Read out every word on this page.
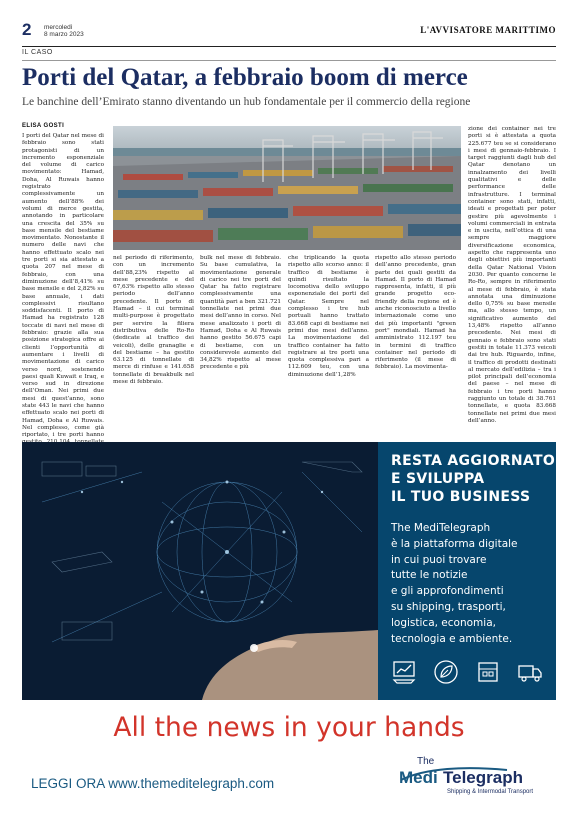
2 mercoledì
8 marzo 2023	L'AVVISATORE MARITTIMO
IL CASO
Porti del Qatar, a febbraio boom di merce

Le banchine dell’Emirato stanno diventando un hub fondamentale per il commercio della regione

ELISA GOSTI
I porti del Qatar nel mese di febbraio sono stati protagonisti di un incremento esponenziale del volume di carico movimentato: Hamad, Doha, Al Ruwais hanno registrato complessivamente un aumento dell’88% dei volumi di merce gestita, annotando in particolare una crescita del 35% su base mensile del bestiame movimentato. Nonostante il numero delle navi che hanno effettuato scalo nei tre porti si sia attestato a quota 207 nel mese di febbraio, con una diminuzione dell’8,41% su base mensile e del 2,82% su base annuale, i dati complessivi risultano soddisfacenti. Il porto di Hamad ha registrato 128 toccate di navi nel mese di febbraio: grazie alla sua posizione strategica offre ai clienti l’opportunità di aumentare i livelli di movimentazione di carico verso nord, sostenendo paesi quali Kuwait e Iraq, e verso sud in direzione dell’Oman. Nei primi due mesi di quest’anno, sono state 443 le navi che hanno effettuato scalo nei porti di Hamad, Doha e Al Ruwais. Nel complesso, come già riportato, i tre porti hanno
nel periodo di riferimento, con un incremento dell’88,23% rispetto al mese precedente e del 67,63% rispetto allo stesso periodo dell’anno precedente. Il porto di Hamad – il cui terminal multi-purpose è progettato per servire la filiera distributiva delle Ro-Ro (dedicate al traffico dei veicoli), delle granaglie e del bestiame – ha gestito 63.125 di tonnellate di merce di rinfuse e 141.658 tonnellate di breakbulk nel mese di febbraio.
bulk nel mese di febbraio. Su base cumulativa, la movimentazione generale di carico nei tre porti del Qatar ha fatto registrare complessivamente una quantità pari a ben 321.721 tonnellate nei primi due mesi dell’anno in corso. Nel mese analizzato i porti di Hamad, Doha e Al Ruwais hanno gestito 56.675 capi di bestiame, con un considerevole aumento del 34,82% rispetto al mese precedente e più
che triplicando la quota rispetto allo scorso anno: il traffico di bestiame è quindi risultato la locomotiva dello sviluppo esponenziale dei porti del Qatar. Sempre nel complesso i tre hub portuali hanno trattato 83.668 capi di bestiame nei primi due mesi dell’anno. La movimentazione del traffico container ha fatto registrare ai tre porti una quota complessiva pari a 112.609 teu, con una diminuzione dell’1,28%
rispetto allo stesso periodo dell’anno precedente, gran parte dei quali gestiti da Hamad. Il porto di Hamad rappresenta, infatti, il più grande progetto eco-friendly della regione ed è anche riconosciuto a livello internazionale come uno dei più importanti "green port" mondiali. Hamad ha amministrato 112.197 teu in termini di traffico container nel periodo di riferimento (il mese di febbraio). La movimenta-
zione dei container nei tre porti si è attestata a quota 225.677 teu se si considerano i mesi di gennaio-febbraio. I target raggiunti dagli hub del Qatar denotano un innalzamento dei livelli qualitativi e delle performance delle infrastrutture. I terminal container sono stati, infatti, ideati e progettati per poter gestire più agevolmente i volumi commerciali in entrata e in uscita, nell’ottica di una sempre maggiore diversificazione economica, aspetto che rappresenta uno degli obiettivi più importanti della Qatar National Vision 2030. Per quanto concerne le Ro-Ro, sempre in riferimento al mese di febbraio, è stata annotata una diminuzione dello 0,75% su base mensile ma, allo stesso tempo, un significativo aumento del 13,48% rispetto all’anno precedente. Nei mesi di gennaio e febbraio sono stati gestiti in totale 11.373 veicoli dai tre hub. Riguardo, infine, il traffico di prodotti destinati al mercato dell’edilizia – tra i pilot principali dell’economia del paese – nel mese di febbraio i tre porti hanno raggiunto un totale di 38.761 tonnellate, e quota 83.668 tonnellate nei primi due mesi dell’anno.
RESTA AGGIORNATO
E SVILUPPA
IL TUO BUSINESS
The MediTelegraph
è la piattaforma digitale
in cui puoi trovare
tutte le notizie
e gli approfondimenti
su shipping, trasporti,
logistica, economia,
tecnologia e ambiente.

All the news in your hands

LEGGI ORA www.themeditelegraph.com

The
Medi Telegraph
Shipping & Intermodal Transport
